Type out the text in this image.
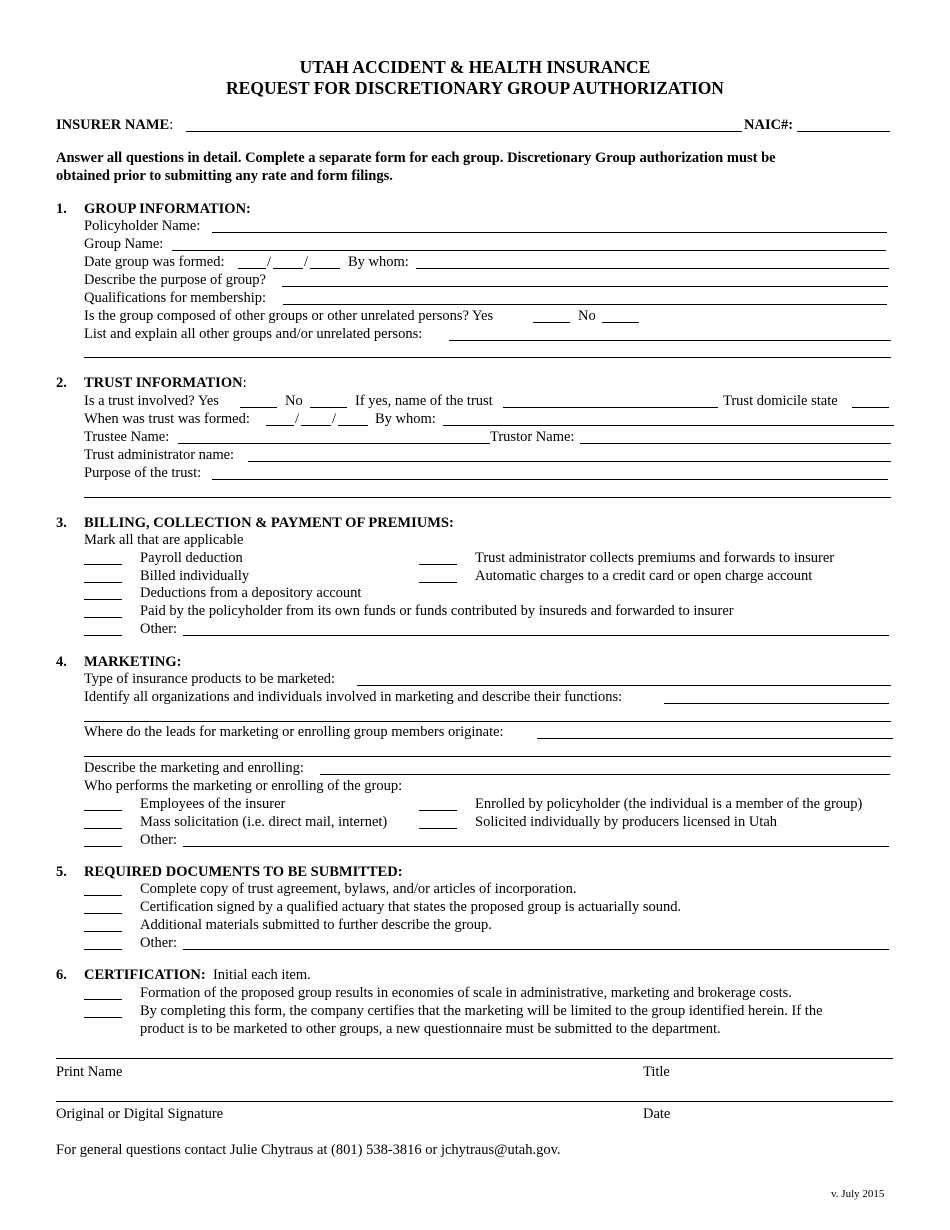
UTAH ACCIDENT & HEALTH INSURANCE
REQUEST FOR DISCRETIONARY GROUP AUTHORIZATION
INSURER NAME:	NAIC#:
Answer all questions in detail. Complete a separate form for each group. Discretionary Group authorization must be
obtained prior to submitting any rate and form filings.
1. GROUP INFORMATION:
Policyholder Name:
Group Name:
Date group was formed:	/ /	By whom:
Describe the purpose of group?
Qualifications for membership:
Is the group composed of other groups or other unrelated persons? Yes	No
List and explain all other groups and/or unrelated persons:
2. TRUST INFORMATION:
Is a trust involved? Yes	No	If yes, name of the trust	Trust domicile state
When was trust was formed:	/ /	By whom:
Trustee Name:	Trustor Name:
Trust administrator name:
Purpose of the trust:
3. BILLING, COLLECTION & PAYMENT OF PREMIUMS:
Mark all that are applicable
Payroll deduction	Trust administrator collects premiums and forwards to insurer
Billed individually	Automatic charges to a credit card or open charge account
Deductions from a depository account
Paid by the policyholder from its own funds or funds contributed by insureds and forwarded to insurer
Other:
4. MARKETING:
Type of insurance products to be marketed:
Identify all organizations and individuals involved in marketing and describe their functions:
Where do the leads for marketing or enrolling group members originate:
Describe the marketing and enrolling:
Who performs the marketing or enrolling of the group:
Employees of the insurer	Enrolled by policyholder (the individual is a member of the group)
Mass solicitation (i.e. direct mail, internet)	Solicited individually by producers licensed in Utah
Other:
5. REQUIRED DOCUMENTS TO BE SUBMITTED:
Complete copy of trust agreement, bylaws, and/or articles of incorporation.
Certification signed by a qualified actuary that states the proposed group is actuarially sound.
Additional materials submitted to further describe the group.
Other:
6. CERTIFICATION: Initial each item.
Formation of the proposed group results in economies of scale in administrative, marketing and brokerage costs.
By completing this form, the company certifies that the marketing will be limited to the group identified herein. If the
product is to be marketed to other groups, a new questionnaire must be submitted to the department.
Print Name	Title
Original or Digital Signature	Date
For general questions contact Julie Chytraus at (801) 538-3816 or jchytraus@utah.gov.
v. July 2015
